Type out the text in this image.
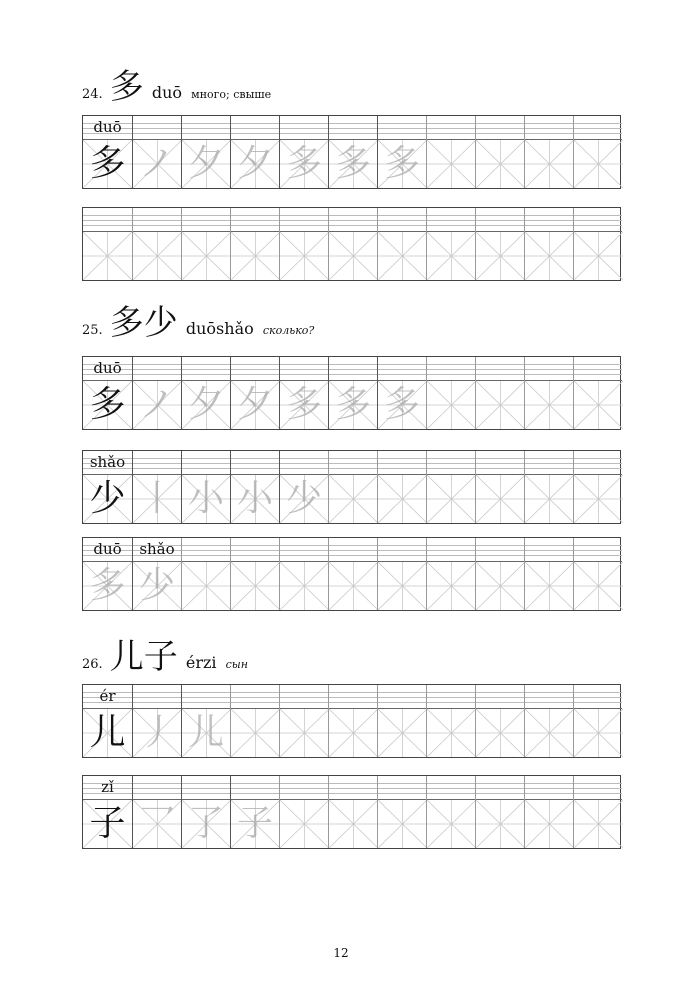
24. 多 duō много; свыше
duō
多 ノ 夕 夕 多 多 多
25. 多少 duōshǎo сколько?
duō
多 ノ 夕 夕 多 多 多
shǎo
少 丨 小 小 少
duō
多
shǎo
少
26. 儿子 érzi сын
ér
儿 丿 儿
zǐ
子 乛 了 子
12
